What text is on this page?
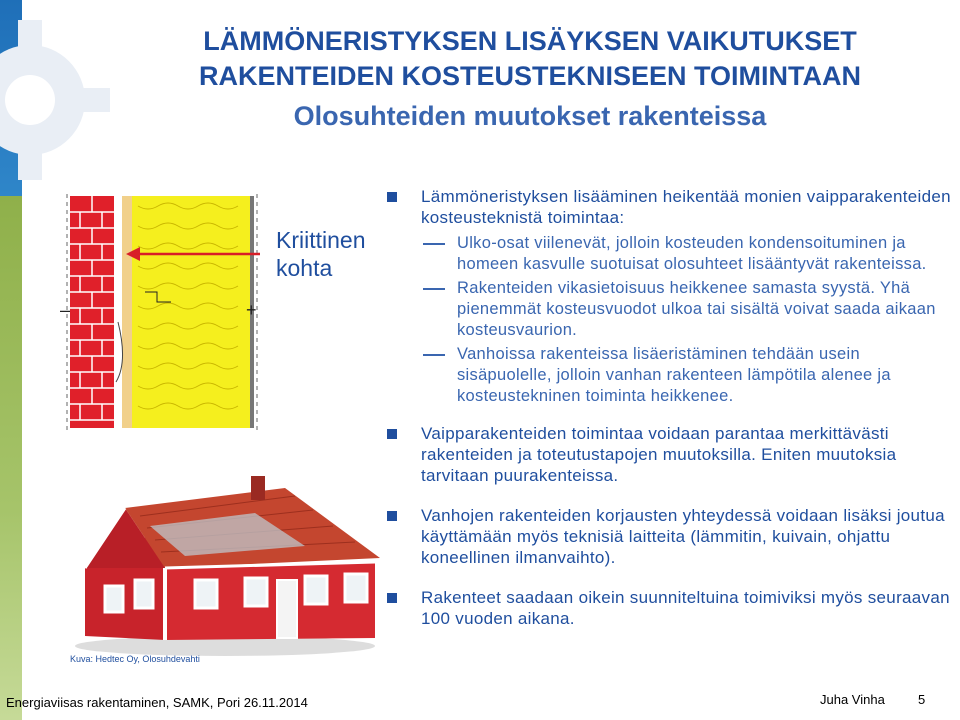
LÄMMÖNERISTYKSEN LISÄYKSEN VAIKUTUKSET
RAKENTEIDEN KOSTEUSTEKNISEEN TOIMINTAAN
Olosuhteiden muutokset rakenteissa
–	+
Kriittinen
kohta
Kuva: Hedtec Oy, Olosuhdevahti
Lämmöneristyksen lisääminen heikentää monien vaipparakenteiden kosteusteknistä toimintaa:
Ulko-osat viilenevät, jolloin kosteuden kondensoituminen ja homeen kasvulle suotuisat olosuhteet lisääntyvät rakenteissa.
Rakenteiden vikasietoisuus heikkenee samasta syystä. Yhä pienemmät kosteusvuodot ulkoa tai sisältä voivat saada aikaan kosteusvaurion.
Vanhoissa rakenteissa lisäeristäminen tehdään usein sisäpuolelle, jolloin vanhan rakenteen lämpötila alenee ja kosteustekninen toiminta heikkenee.
Vaipparakenteiden toimintaa voidaan parantaa merkittävästi rakenteiden ja toteutustapojen muutoksilla. Eniten muutoksia tarvitaan puurakenteissa.
Vanhojen rakenteiden korjausten yhteydessä voidaan lisäksi joutua käyttämään myös teknisiä laitteita (lämmitin, kuivain, ohjattu koneellinen ilmanvaihto).
Rakenteet saadaan oikein suunniteltuina toimiviksi myös seuraavan 100 vuoden aikana.
Energiaviisas rakentaminen, SAMK, Pori 26.11.2014	Juha Vinha	5
